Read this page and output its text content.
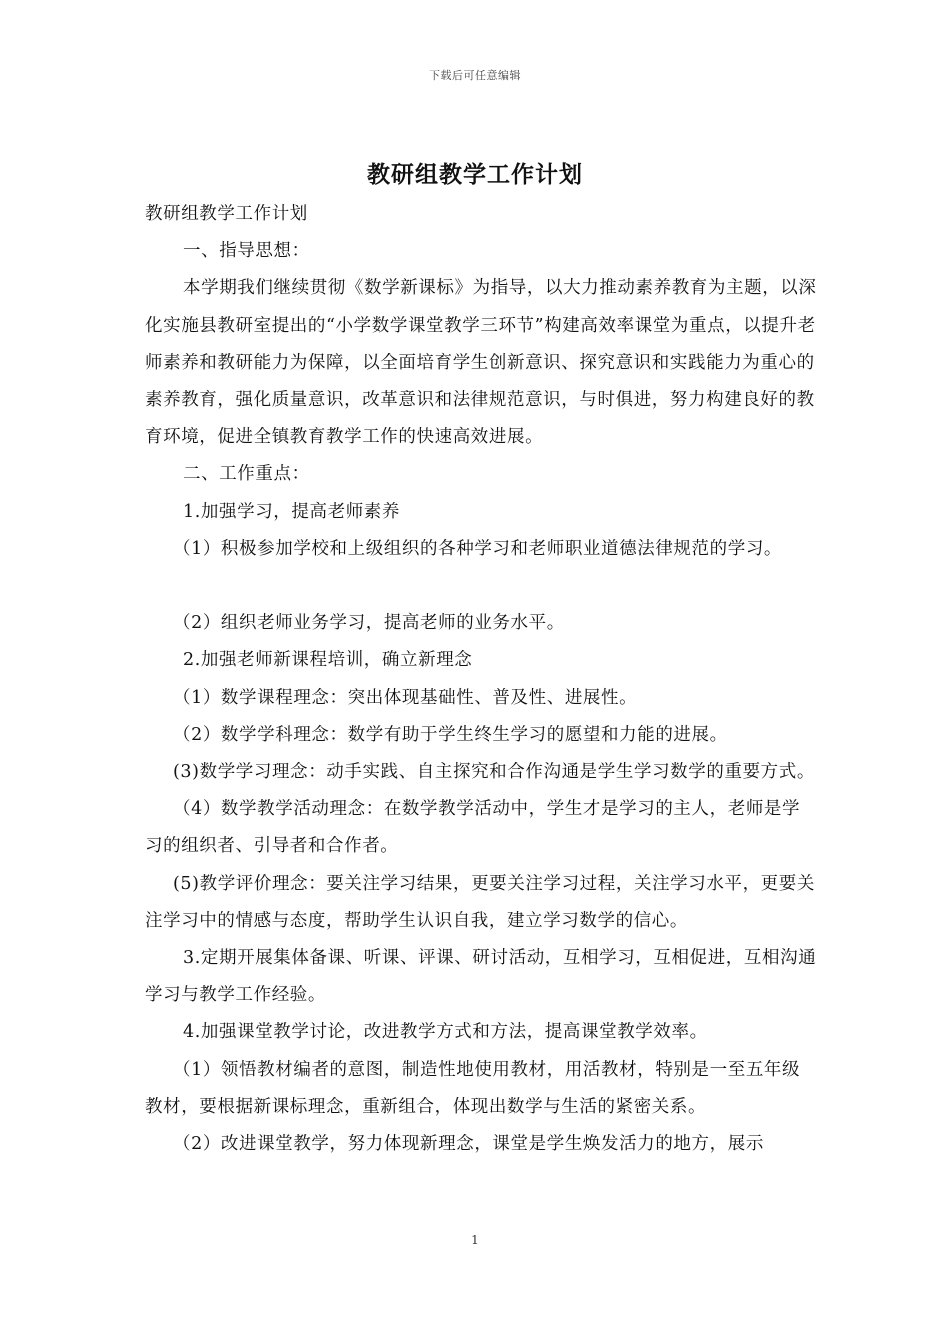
下载后可任意编辑
教研组教学工作计划

教研组教学工作计划

一、指导思想：

本学期我们继续贯彻《数学新课标》为指导，以大力推动素养教育为主题，以深化实施县教研室提出的“小学数学课堂教学三环节”构建高效率课堂为重点，以提升老师素养和教研能力为保障，以全面培育学生创新意识、探究意识和实践能力为重心的素养教育，强化质量意识，改革意识和法律规范意识，与时俱进，努力构建良好的教育环境，促进全镇教育教学工作的快速高效进展。

二、工作重点：

1.加强学习，提高老师素养

（1）积极参加学校和上级组织的各种学习和老师职业道德法律规范的学习。

（2）组织老师业务学习，提高老师的业务水平。

2.加强老师新课程培训，确立新理念

（1）数学课程理念：突出体现基础性、普及性、进展性。

（2）数学学科理念：数学有助于学生终生学习的愿望和力能的进展。

(3)数学学习理念：动手实践、自主探究和合作沟通是学生学习数学的重要方式。

（4）数学教学活动理念：在数学教学活动中，学生才是学习的主人，老师是学习的组织者、引导者和合作者。

(5)教学评价理念：要关注学习结果，更要关注学习过程，关注学习水平，更要关注学习中的情感与态度，帮助学生认识自我，建立学习数学的信心。

3.定期开展集体备课、听课、评课、研讨活动，互相学习，互相促进，互相沟通学习与教学工作经验。

4.加强课堂教学讨论，改进教学方式和方法，提高课堂教学效率。

（1）领悟教材编者的意图，制造性地使用教材，用活教材，特别是一至五年级教材，要根据新课标理念，重新组合，体现出数学与生活的紧密关系。

（2）改进课堂教学，努力体现新理念，课堂是学生焕发活力的地方，展示

1
